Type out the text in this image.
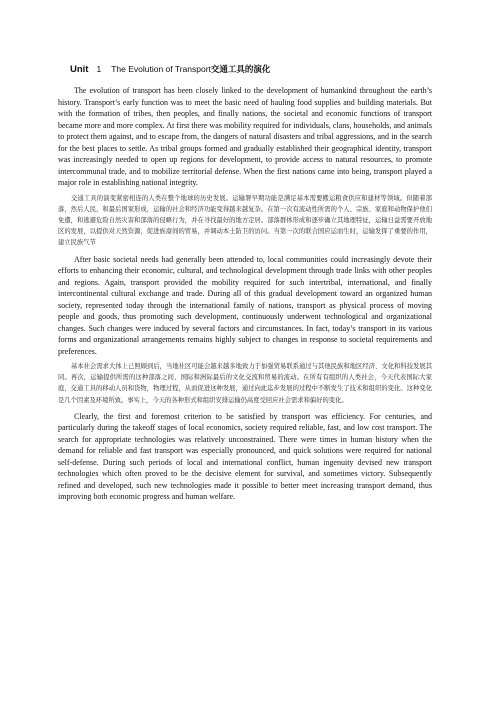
Unit 1 The Evolution of Transport交通工具的演化

The evolution of transport has been closely linked to the development of humankind throughout the earth’s history. Transport’s early function was to meet the basic need of hauling food supplies and building materials. But with the formation of tribes, then peoples, and finally nations, the societal and economic functions of transport became more and more complex. At first there was mobility required for individuals, clans, households, and animals to protect them against, and to escape from, the dangers of natural disasters and tribal aggressions, and in the search for the best places to settle. As tribal groups formed and gradually established their geographical identity, transport was increasingly needed to open up regions for development, to provide access to natural resources, to promote intercommunal trade, and to mobilize territorial defense. When the first nations came into being, transport played a major role in establishing national integrity.

交通工具的演变紧密相连的人类在整个地球的历史发展。运输署早期功能是满足基本需要搬运粮食供应和建材等领域。但随着部落，然后人民，和最后国家形成，运输的社会和经济功能变得越来越复杂。在第一次有流动性所需的个人、宗族、家庭和动物保护他们免遭，和逃避危险自然灾害和部落的侵略行为，并在寻找最好的地方定居。部落群体形成和逐步确立其地理特征，运输日益需要开放地区的发展，以提供对天然资源，促进族裔间的贸易，并调动本土防卫的访问。当第一次的联合国应运而生时，运输发挥了重要的作用，建立民族气节

After basic societal needs had generally been attended to, local communities could increasingly devote their efforts to enhancing their economic, cultural, and technological development through trade links with other peoples and regions. Again, transport provided the mobility required for such intertribal, international, and finally intercontinental cultural exchange and trade. During all of this gradual development toward an organized human society, represented today through the international family of nations, transport as physical process of moving people and goods, thus promoting such development, continuously underwent technological and organizational changes. Such changes were induced by several factors and circumstances. In fact, today’s transport in its various forms and organizational arrangements remains highly subject to changes in response to societal requirements and preferences.

基本社会需求大体上已照顾到后，当地社区可能会越来越多地致力于加强贸易联系通过与其他民族和地区经济、文化和科技发展其同。再次，运输提供所需的这种部落之间、国际和洲际最后的文化交流和贸易的流动。在所有有组织的人类社会，今天代表国际大家庭，交通工具的移动人员和货物，物理过程，从而促进这种发展，通过向此迄步发展的过程中不断发生了技术和组织的变化。这种变化是几个因素及环境所致。事实上，今天的各种形式和组织安排运输仍高度受回应社会需求和偏好的变化。

Clearly, the first and foremost criterion to be satisfied by transport was efficiency. For centuries, and particularly during the takeoff stages of local economics, society required reliable, fast, and low cost transport. The search for appropriate technologies was relatively unconstrained. There were times in human history when the demand for reliable and fast transport was especially pronounced, and quick solutions were required for national self-defense. During such periods of local and international conflict, human ingenuity devised new transport technologies which often proved to be the decisive element for survival, and sometimes victory. Subsequently refined and developed, such new technologies made it possible to better meet increasing transport demand, thus improving both economic progress and human welfare.
